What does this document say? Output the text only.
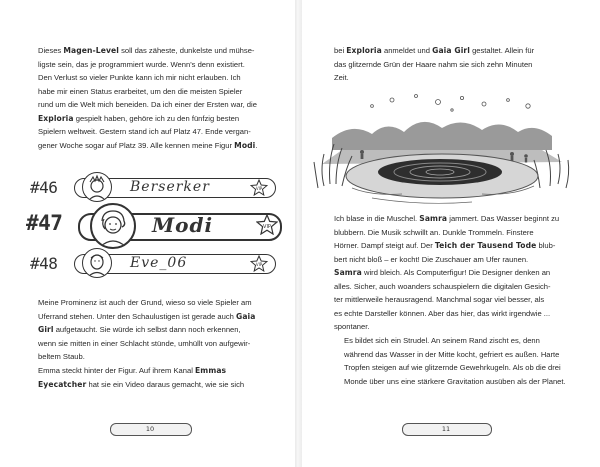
Dieses Magen-Level soll das zäheste, dunkelste und mühse-
ligste sein, das je programmiert wurde. Wenn's denn existiert.
Den Verlust so vieler Punkte kann ich mir nicht erlauben. Ich
habe mir einen Status erarbeitet, um den die meisten Spieler
rund um die Welt mich beneiden. Da ich einer der Ersten war, die
Exploria gespielt haben, gehöre ich zu den fünfzig besten
Spielern weltweit. Gestern stand ich auf Platz 47. Ende vergan-
gener Woche sogar auf Platz 39. Alle kennen meine Figur Modi.
#46	Berserker	VIP
#47	Modi	VIP
#48	Eve_06	VIP
Meine Prominenz ist auch der Grund, wieso so viele Spieler am
Uferrand stehen. Unter den Schaulustigen ist gerade auch Gaia
Girl aufgetaucht. Sie würde ich selbst dann noch erkennen,
wenn sie mitten in einer Schlacht stünde, umhüllt von aufgewir-
beltem Staub.
Emma steckt hinter der Figur. Auf ihrem Kanal Emmas
Eyecatcher hat sie ein Video daraus gemacht, wie sie sich
10
bei Exploria anmeldet und Gaia Girl gestaltet. Allein für
das glitzernde Grün der Haare nahm sie sich zehn Minuten
Zeit.
Ich blase in die Muschel. Samra jammert. Das Wasser beginnt zu
blubbern. Die Musik schwillt an. Dunkle Trommeln. Finstere
Hörner. Dampf steigt auf. Der Teich der Tausend Tode blub-
bert nicht bloß – er kocht! Die Zuschauer am Ufer raunen.
Samra wird bleich. Als Computerfigur! Die Designer denken an
alles. Sicher, auch woanders schauspielern die digitalen Gesich-
ter mittlerweile herausragend. Manchmal sogar viel besser, als
es echte Darsteller können. Aber das hier, das wirkt irgendwie ...
spontaner.
Es bildet sich ein Strudel. An seinem Rand zischt es, denn
während das Wasser in der Mitte kocht, gefriert es außen. Harte
Tropfen steigen auf wie glitzernde Gewehrkugeln. Als ob die drei
Monde über uns eine stärkere Gravitation ausüben als der Planet.
11
